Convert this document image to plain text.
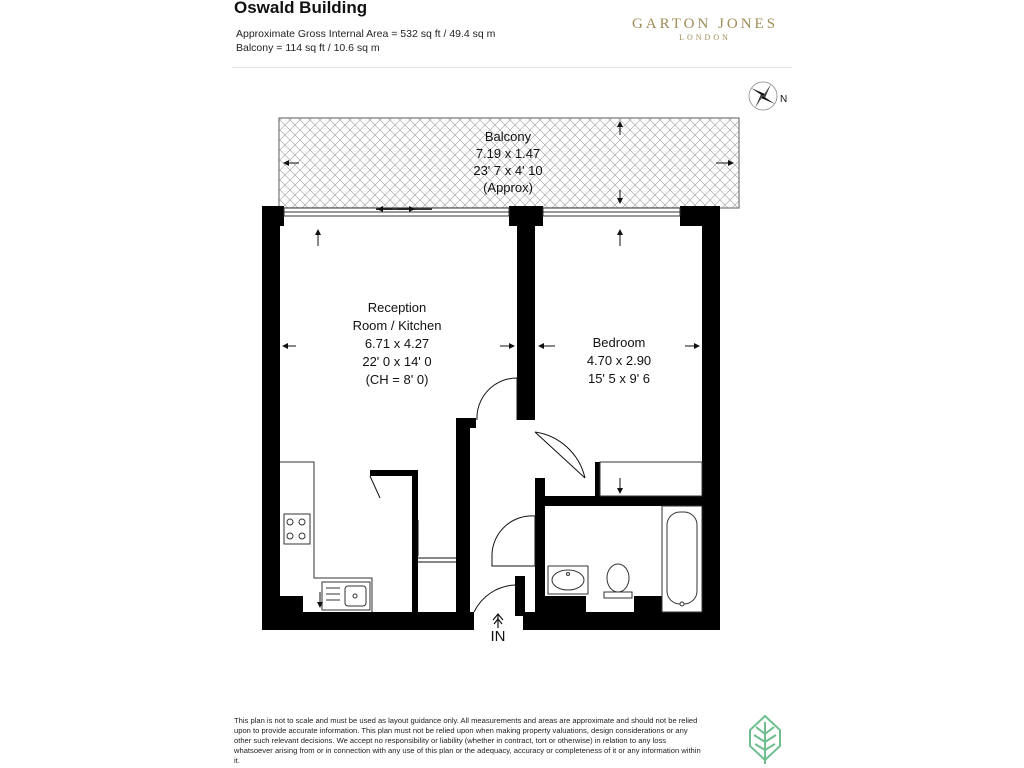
Oswald Building
Approximate Gross Internal Area = 532 sq ft / 49.4 sq m
Balcony = 114 sq ft / 10.6 sq m
GARTON JONES
LONDON
N
Balcony
7.19 x 1.47
23' 7 x 4' 10
(Approx)
Reception
Room / Kitchen
6.71 x 4.27
22' 0 x 14' 0
(CH = 8' 0)
Bedroom
4.70 x 2.90
15' 5 x 9' 6
IN
This plan is not to scale and must be used as layout guidance only. All measurements and areas are approximate and should not be relied upon to provide accurate information. This plan must not be relied upon when making property valuations, design considerations or any other such relevant decisions. We accept no responsibility or liability (whether in contract, tort or otherwise) in relation to any loss whatsoever arising from or in connection with any use of this plan or the adequacy, accuracy or completeness of it or any information within it.
